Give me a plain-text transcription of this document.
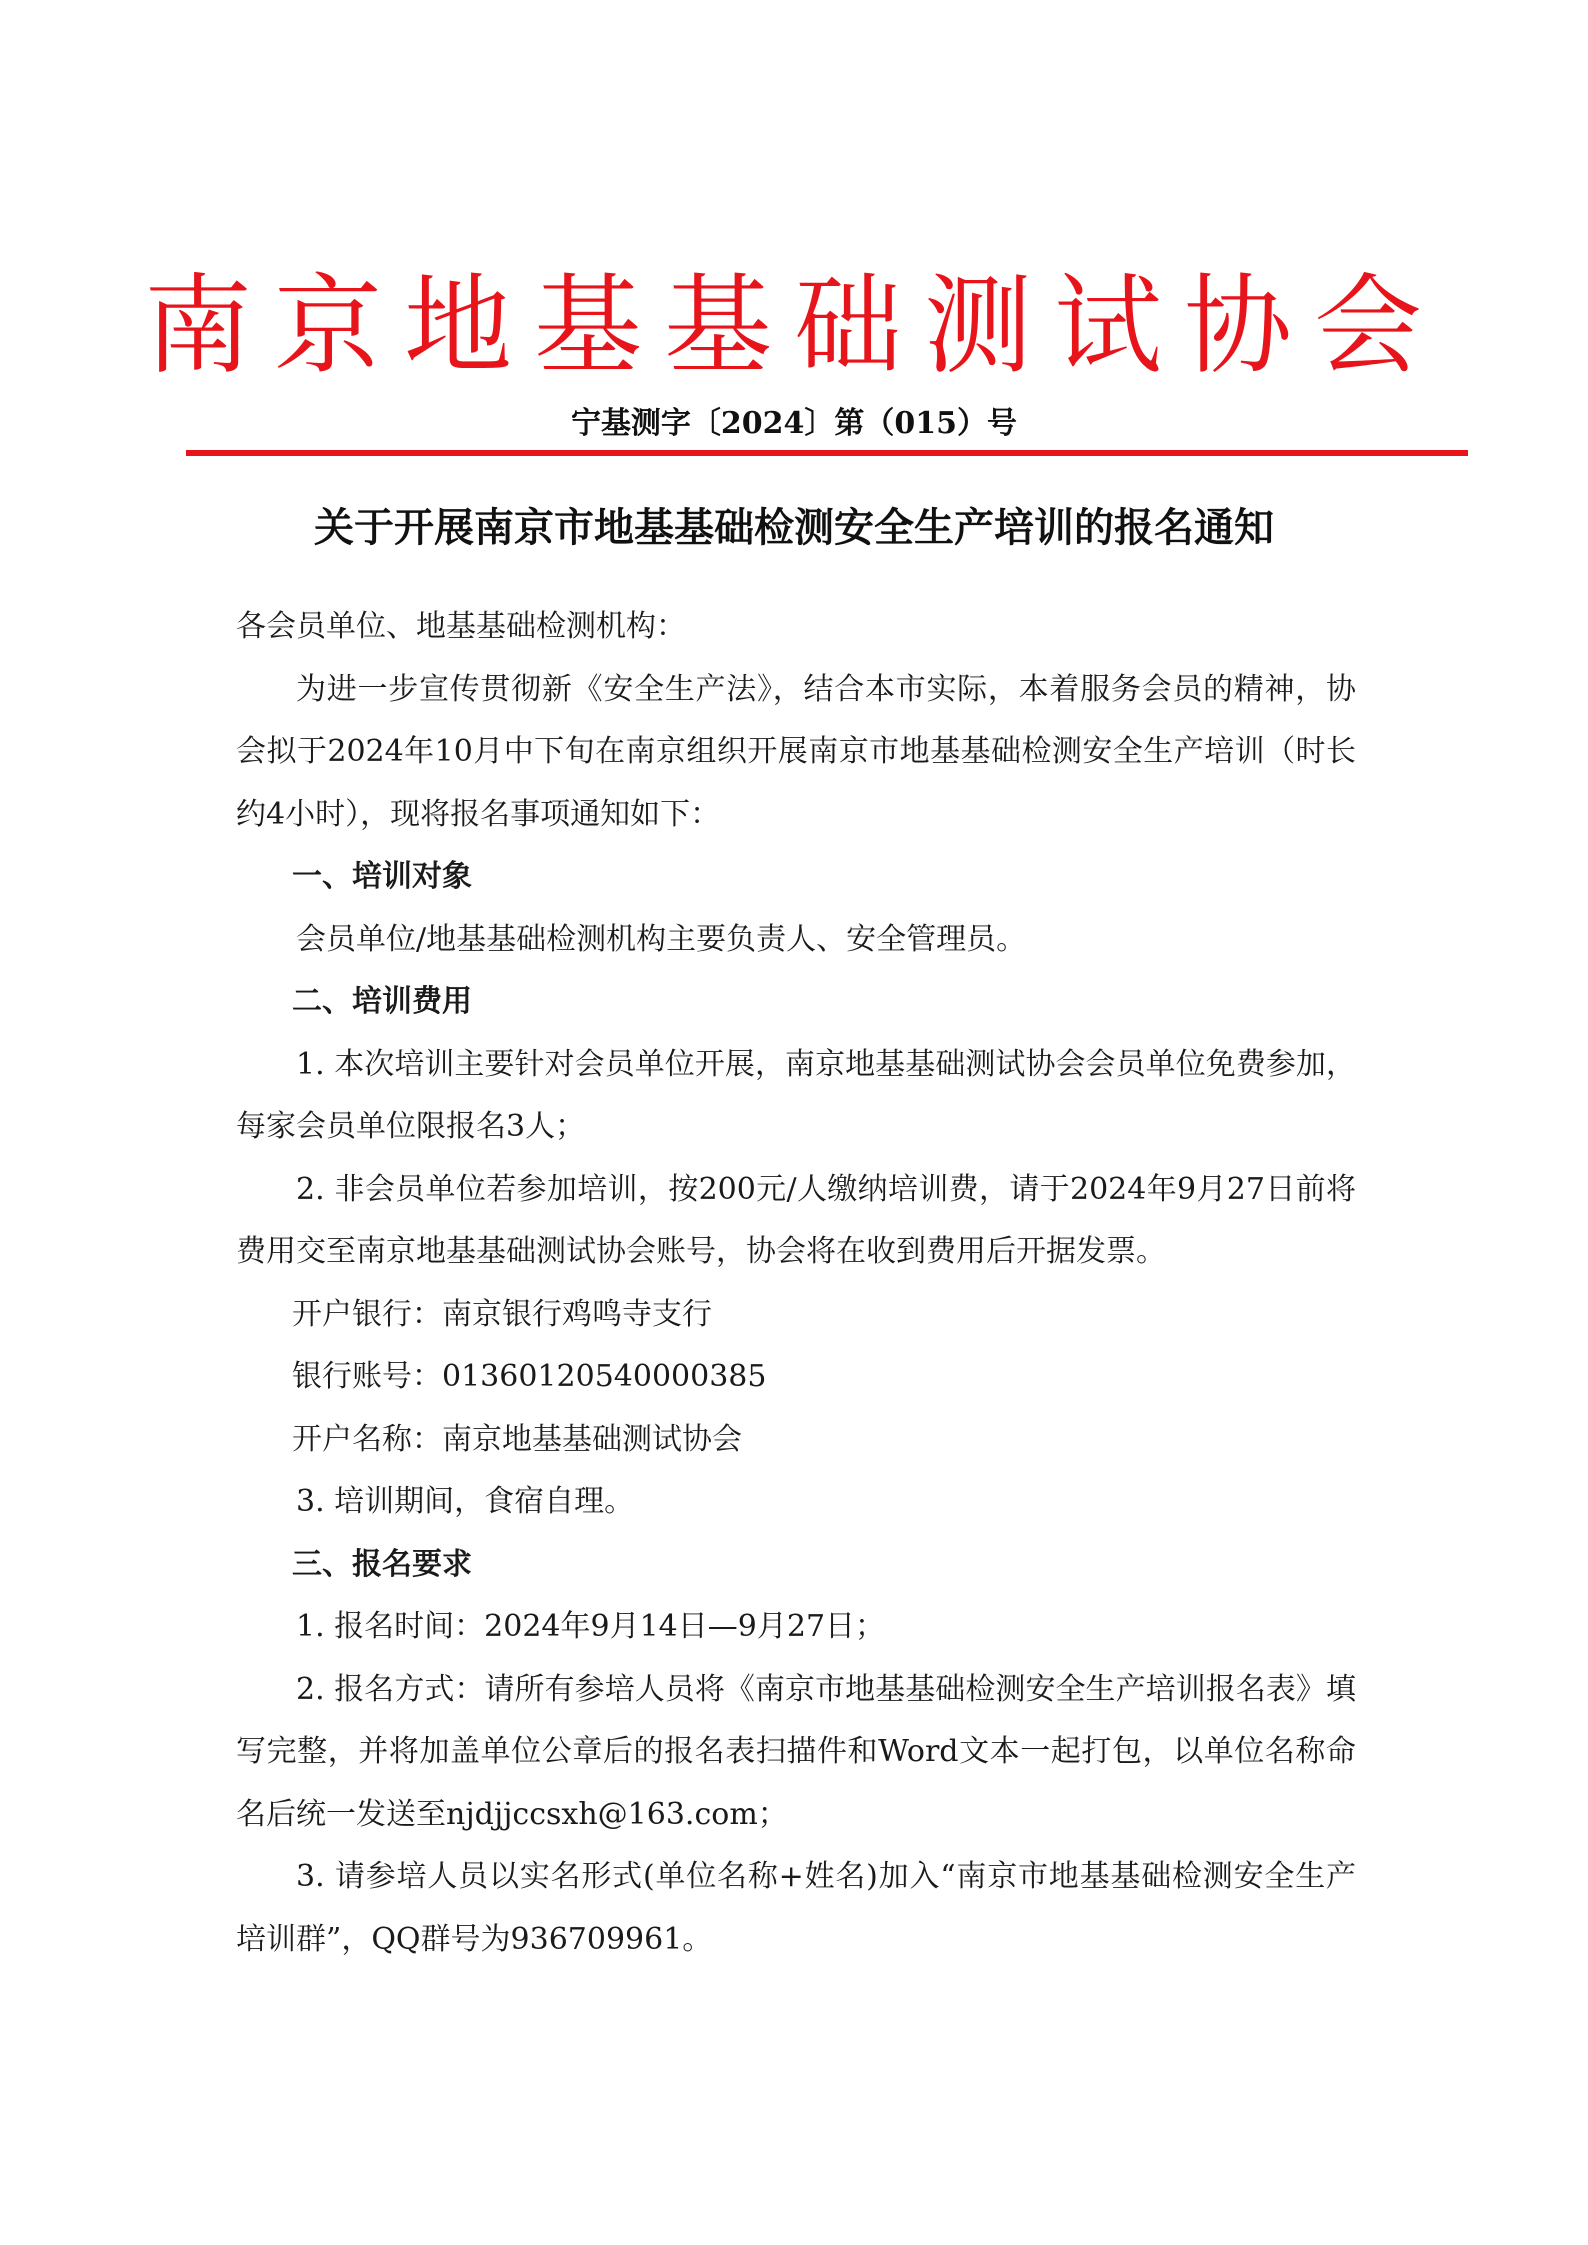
南京地基基础测试协会
宁基测字〔2024〕第（015）号
关于开展南京市地基基础检测安全生产培训的报名通知

各会员单位、地基基础检测机构：

为进一步宣传贯彻新《安全生产法》，结合本市实际，本着服务会员的精神，协会拟于2024年10月中下旬在南京组织开展南京市地基基础检测安全生产培训（时长约4小时），现将报名事项通知如下：

一、培训对象

会员单位/地基基础检测机构主要负责人、安全管理员。

二、培训费用

1. 本次培训主要针对会员单位开展，南京地基基础测试协会会员单位免费参加，每家会员单位限报名3人；

2. 非会员单位若参加培训，按200元/人缴纳培训费，请于2024年9月27日前将费用交至南京地基基础测试协会账号，协会将在收到费用后开据发票。

开户银行：南京银行鸡鸣寺支行

银行账号：01360120540000385

开户名称：南京地基基础测试协会

3. 培训期间，食宿自理。

三、报名要求

1. 报名时间：2024年9月14日—9月27日；

2. 报名方式：请所有参培人员将《南京市地基基础检测安全生产培训报名表》填写完整，并将加盖单位公章后的报名表扫描件和Word文本一起打包，以单位名称命名后统一发送至njdjjccsxh@163.com；

3. 请参培人员以实名形式(单位名称+姓名)加入“南京市地基基础检测安全生产培训群”，QQ群号为936709961。
